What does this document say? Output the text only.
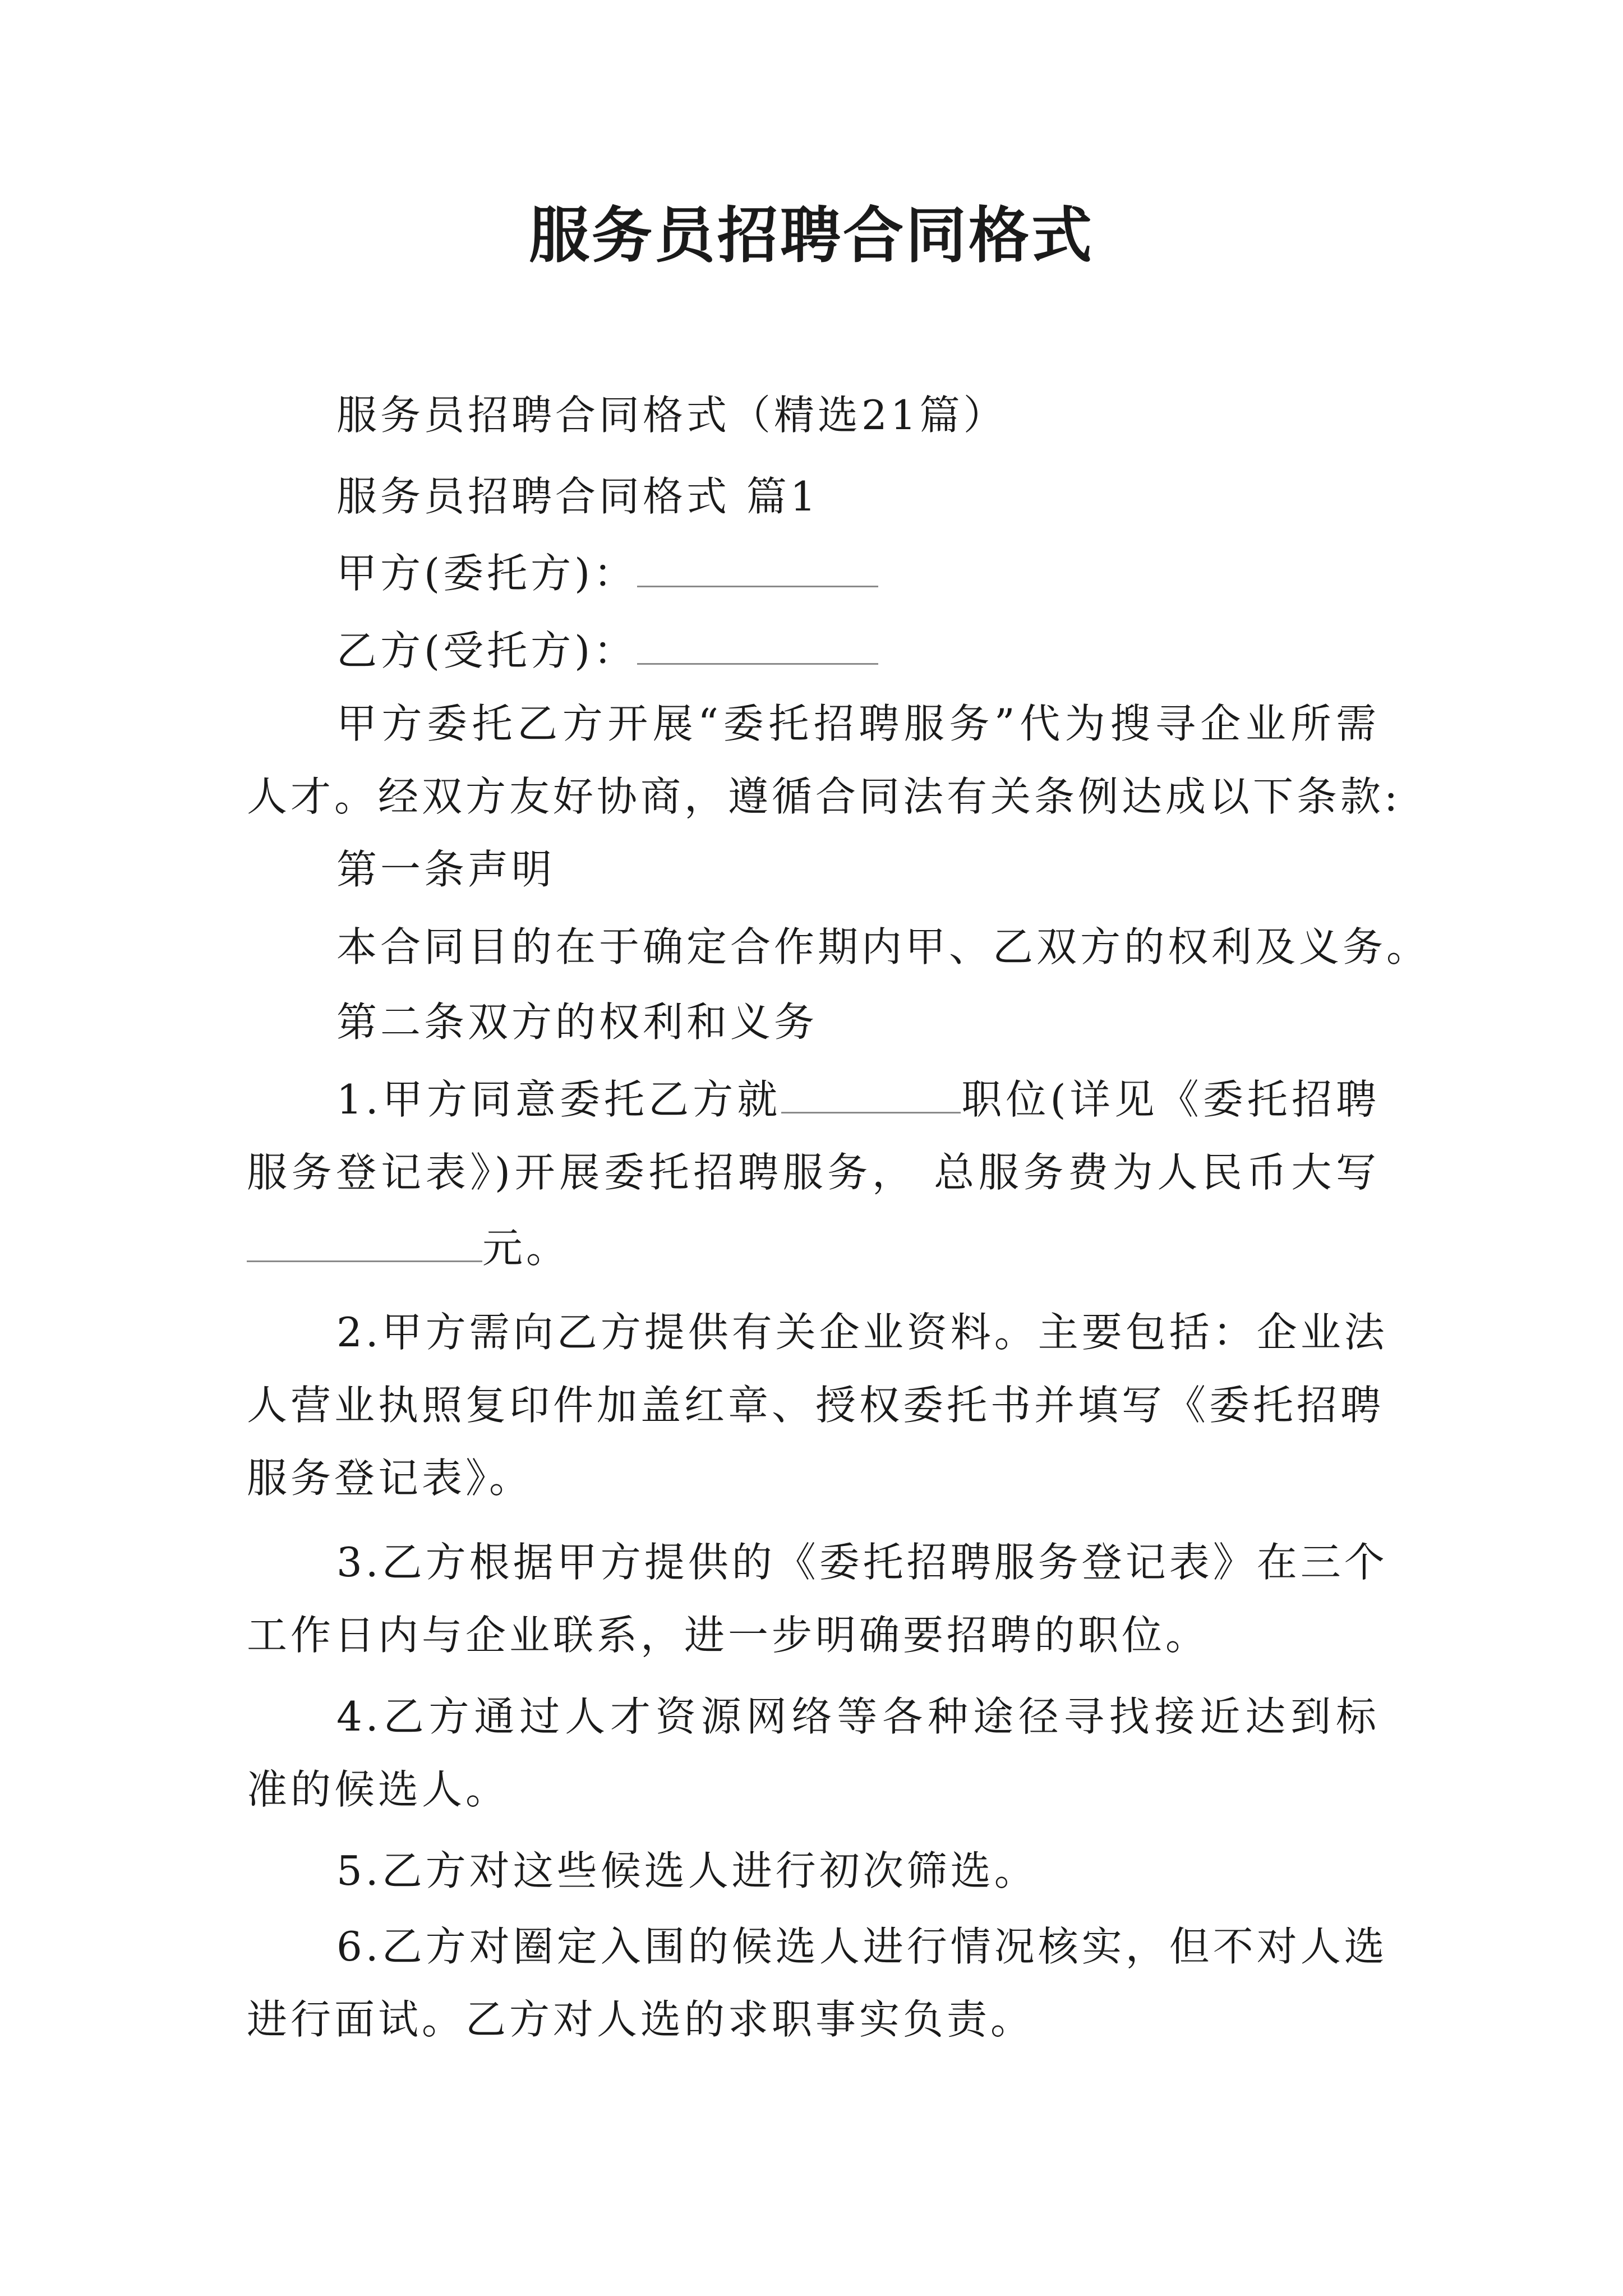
服务员招聘合同格式
服务员招聘合同格式（精选21篇）
服务员招聘合同格式 篇1
甲方(委托方)：
乙方(受托方)：
甲方委托乙方开展“委托招聘服务”代为搜寻企业所需
人才。经双方友好协商，遵循合同法有关条例达成以下条款:
第一条声明
本合同目的在于确定合作期内甲、乙双方的权利及义务。
第二条双方的权利和义务
1.甲方同意委托乙方就	职位(详见《委托招聘
服务登记表》)开展委托招聘服务， 总服务费为人民币大写
元。
2.甲方需向乙方提供有关企业资料。主要包括：企业法
人营业执照复印件加盖红章、授权委托书并填写《委托招聘
服务登记表》。
3.乙方根据甲方提供的《委托招聘服务登记表》在三个
工作日内与企业联系，进一步明确要招聘的职位。
4.乙方通过人才资源网络等各种途径寻找接近达到标
准的候选人。
5.乙方对这些候选人进行初次筛选。
6.乙方对圈定入围的候选人进行情况核实，但不对人选
进行面试。乙方对人选的求职事实负责。
